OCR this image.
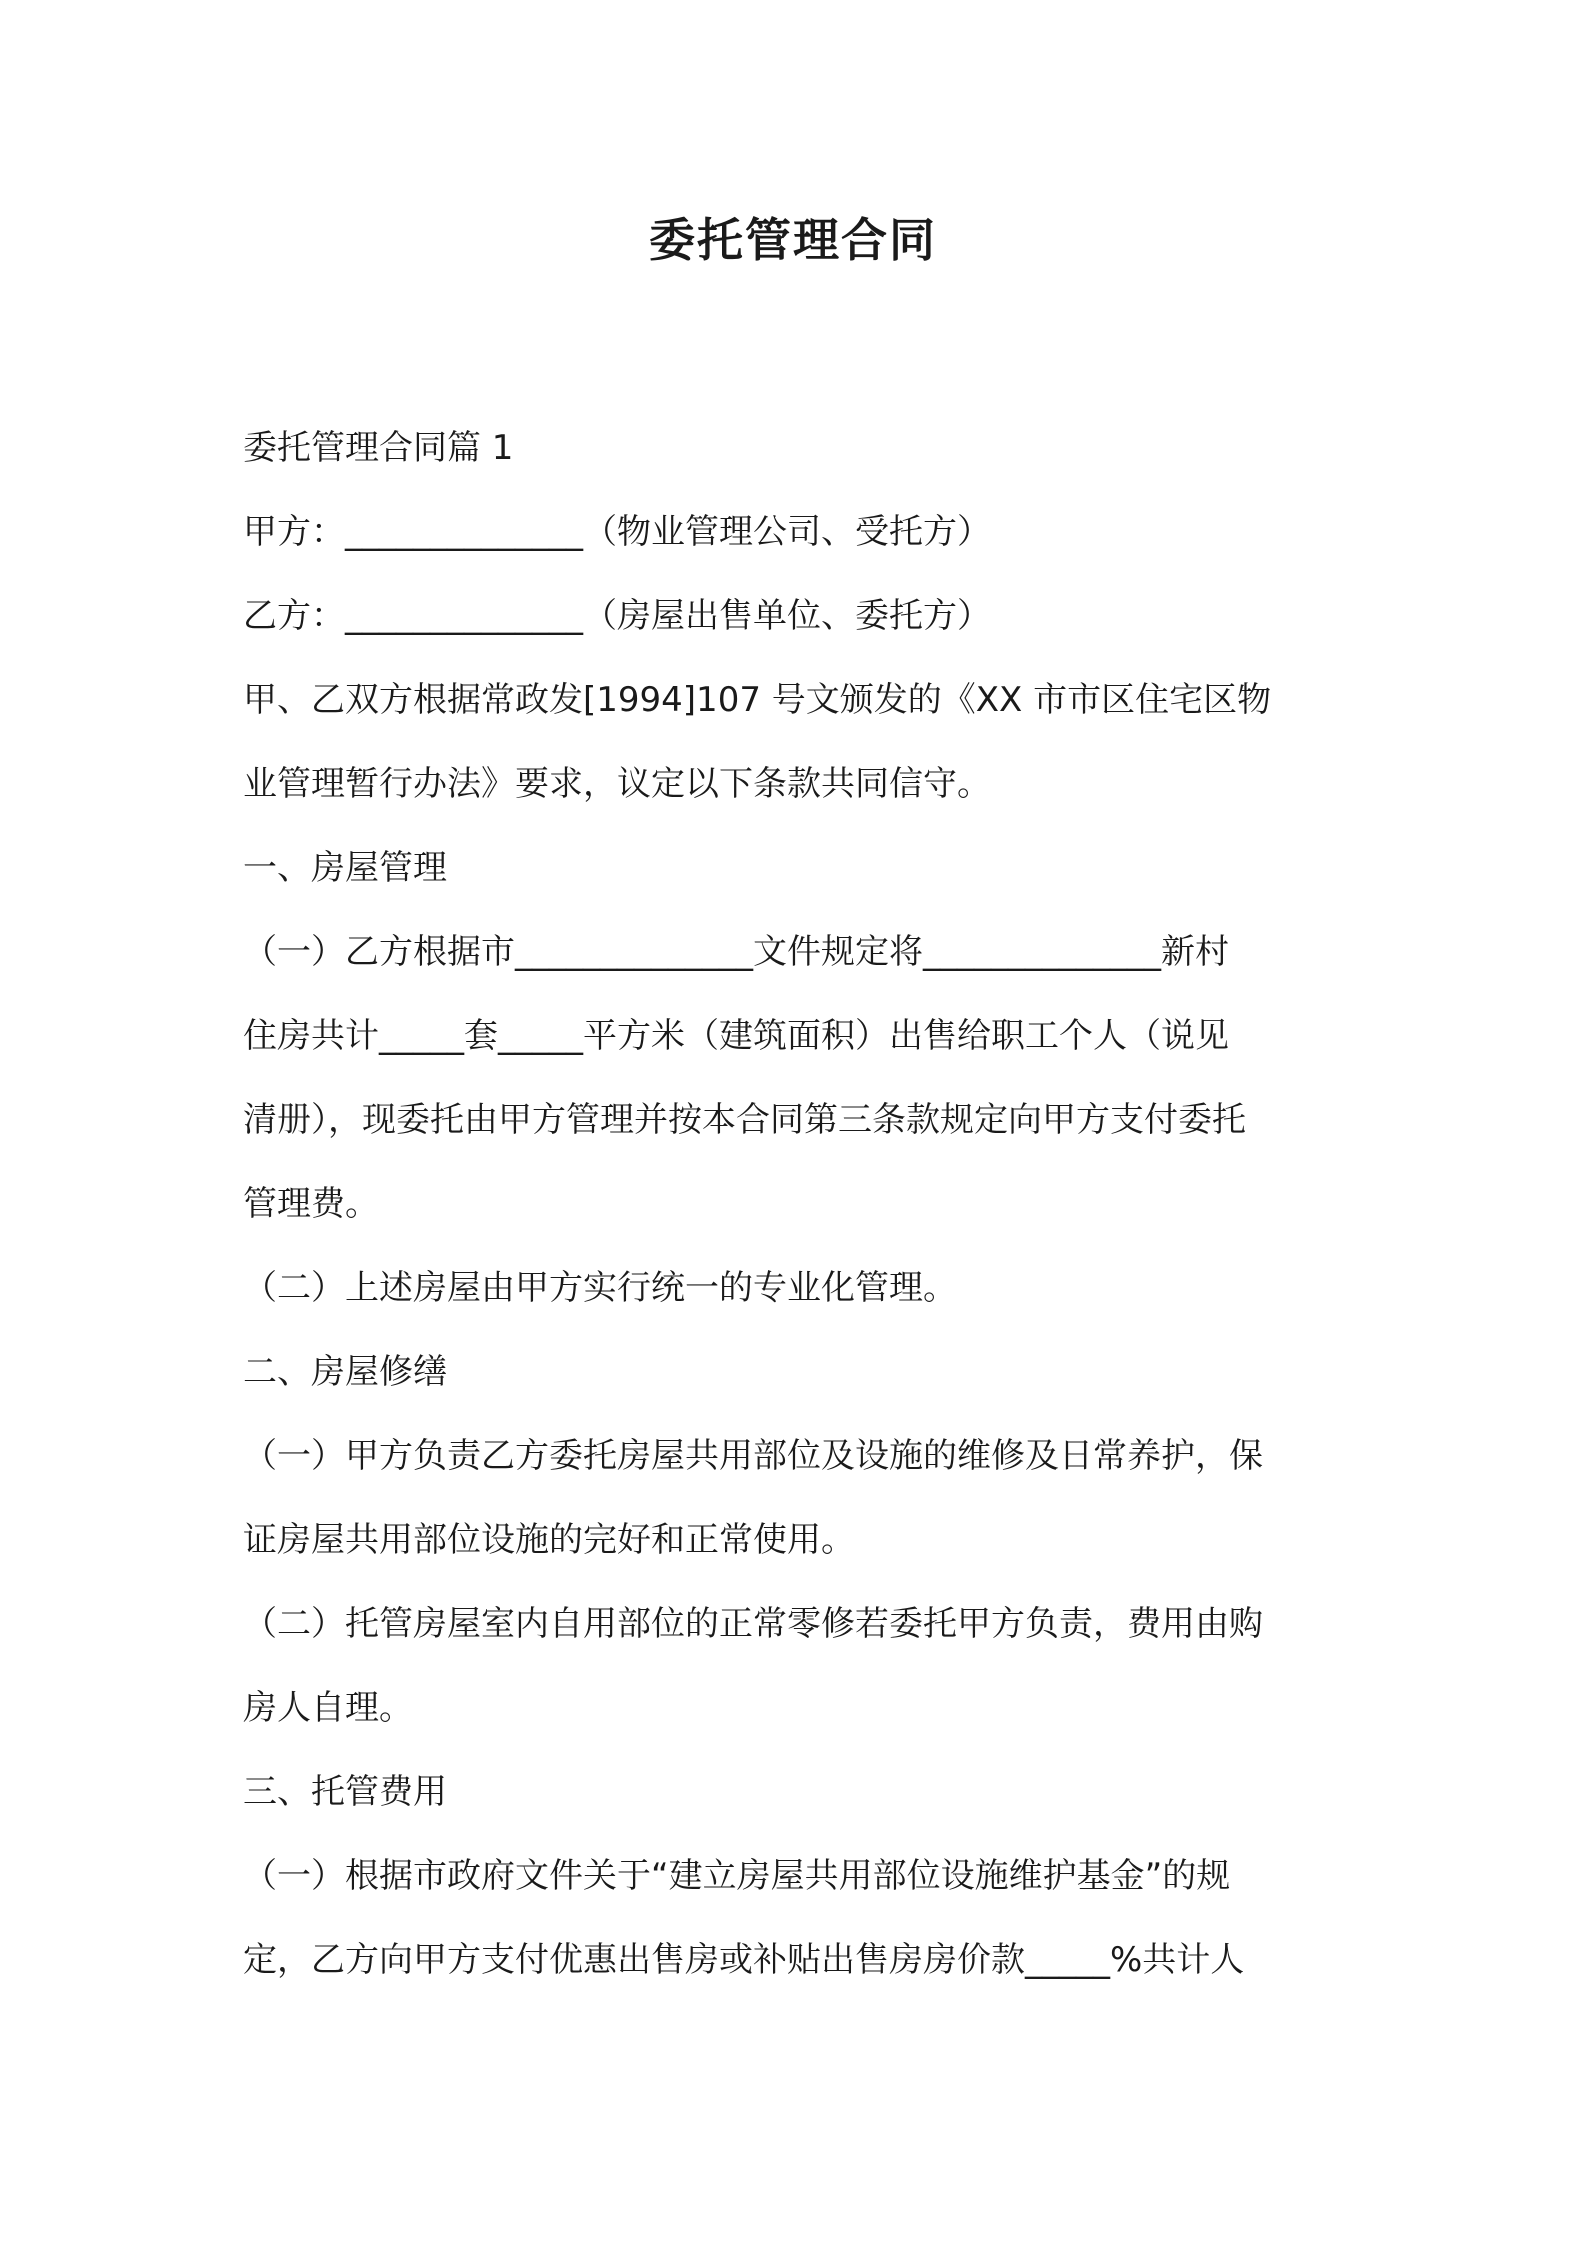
委托管理合同
委托管理合同篇 1
甲方：______________（物业管理公司、受托方）
乙方：______________（房屋出售单位、委托方）
甲、乙双方根据常政发[1994]107 号文颁发的《XX 市市区住宅区物
业管理暂行办法》要求，议定以下条款共同信守。
一、房屋管理
（一）乙方根据市______________文件规定将______________新村
住房共计_____套_____平方米（建筑面积）出售给职工个人（说见
清册），现委托由甲方管理并按本合同第三条款规定向甲方支付委托
管理费。
（二）上述房屋由甲方实行统一的专业化管理。
二、房屋修缮
（一）甲方负责乙方委托房屋共用部位及设施的维修及日常养护，保
证房屋共用部位设施的完好和正常使用。
（二）托管房屋室内自用部位的正常零修若委托甲方负责，费用由购
房人自理。
三、托管费用
（一）根据市政府文件关于“建立房屋共用部位设施维护基金”的规
定，乙方向甲方支付优惠出售房或补贴出售房房价款_____%共计人
